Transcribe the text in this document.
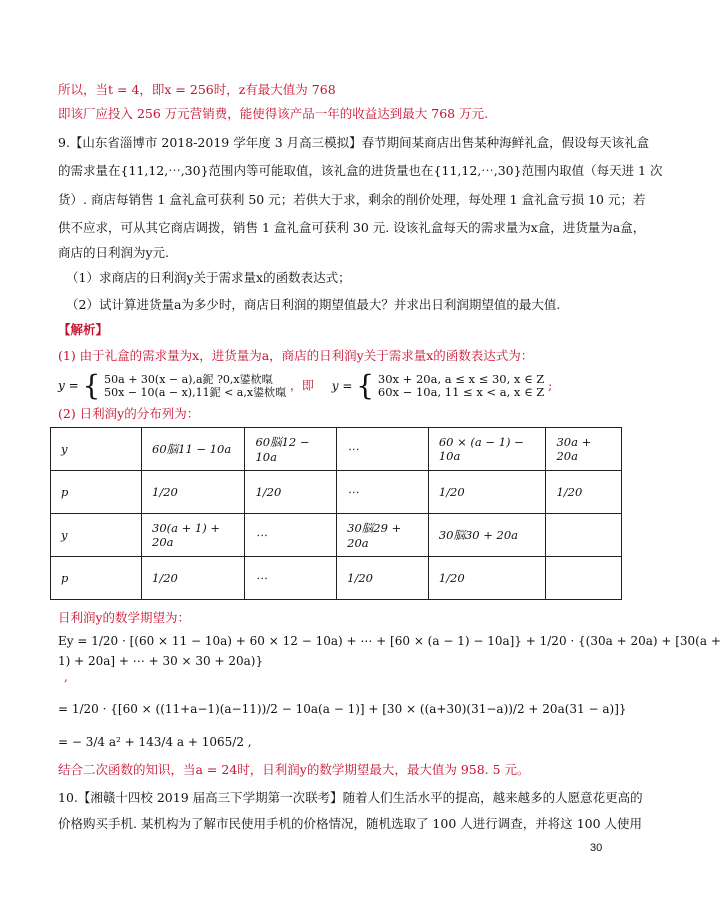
所以，当t = 4，即x = 256时，z有最大值为 768
即该厂应投入 256 万元营销费，能使得该产品一年的收益达到最大 768 万元.
9.【山东省淄博市 2018-2019 学年度 3 月高三模拟】春节期间某商店出售某种海鲜礼盒，假设每天该礼盒
的需求量在{11,12,⋯,30}范围内等可能取值，该礼盒的进货量也在{11,12,⋯,30}范围内取值（每天进 1 次
货）. 商店每销售 1 盒礼盒可获利 50 元；若供大于求，剩余的削价处理，每处理 1 盒礼盒亏损 10 元；若
供不应求，可从其它商店调拨，销售 1 盒礼盒可获利 30 元. 设该礼盒每天的需求量为x盒，进货量为a盒，
商店的日利润为y元.
（1）求商店的日利润y关于需求量x的函数表达式；
（2）试计算进货量a为多少时，商店日利润的期望值最大？并求出日利润期望值的最大值.
【解析】
(1) 由于礼盒的需求量为x，进货量为a，商店的日利润y关于需求量x的函数表达式为：
y = { 50a + 30(x − a),a鈮 ?0,x鍙栨暣
50x − 10(a − x),11鈮 < a,x鍙栨暣 ，即 y = { 30x + 20a, a ≤ x ≤ 30, x ∈ Z
60x − 10a, 11 ≤ x < a, x ∈ Z ;
(2) 日利润y的分布列为：
y	60脳11 − 10a	60脳12 − 10a	⋯	60 × (a − 1) − 10a	30a + 20a
p	1/20	1/20	⋯	1/20	1/20
y	30(a + 1) + 20a	⋯	30脳29 + 20a	30脳30 + 20a	
p	1/20	⋯	1/20	1/20	
日利润y的数学期望为：
Ey = 1/20 · [(60 × 11 − 10a) + 60 × 12 − 10a) + ⋯ + [60 × (a − 1) − 10a]} + 1/20 · {(30a + 20a) + [30(a +
1) + 20a] + ⋯ + 30 × 30 + 20a)}
,
= 1/20 · {[60 × ((11+a−1)(a−11))/2 − 10a(a − 1)] + [30 × ((a+30)(31−a))/2 + 20a(31 − a)]}
= − 3/4 a² + 143/4 a + 1065/2 ,
结合二次函数的知识，当a = 24时，日利润y的数学期望最大，最大值为 958. 5 元。
10.【湘赣十四校 2019 届高三下学期第一次联考】随着人们生活水平的提高，越来越多的人愿意花更高的
价格购买手机. 某机构为了解市民使用手机的价格情况，随机选取了 100 人进行调查，并将这 100 人使用
30
